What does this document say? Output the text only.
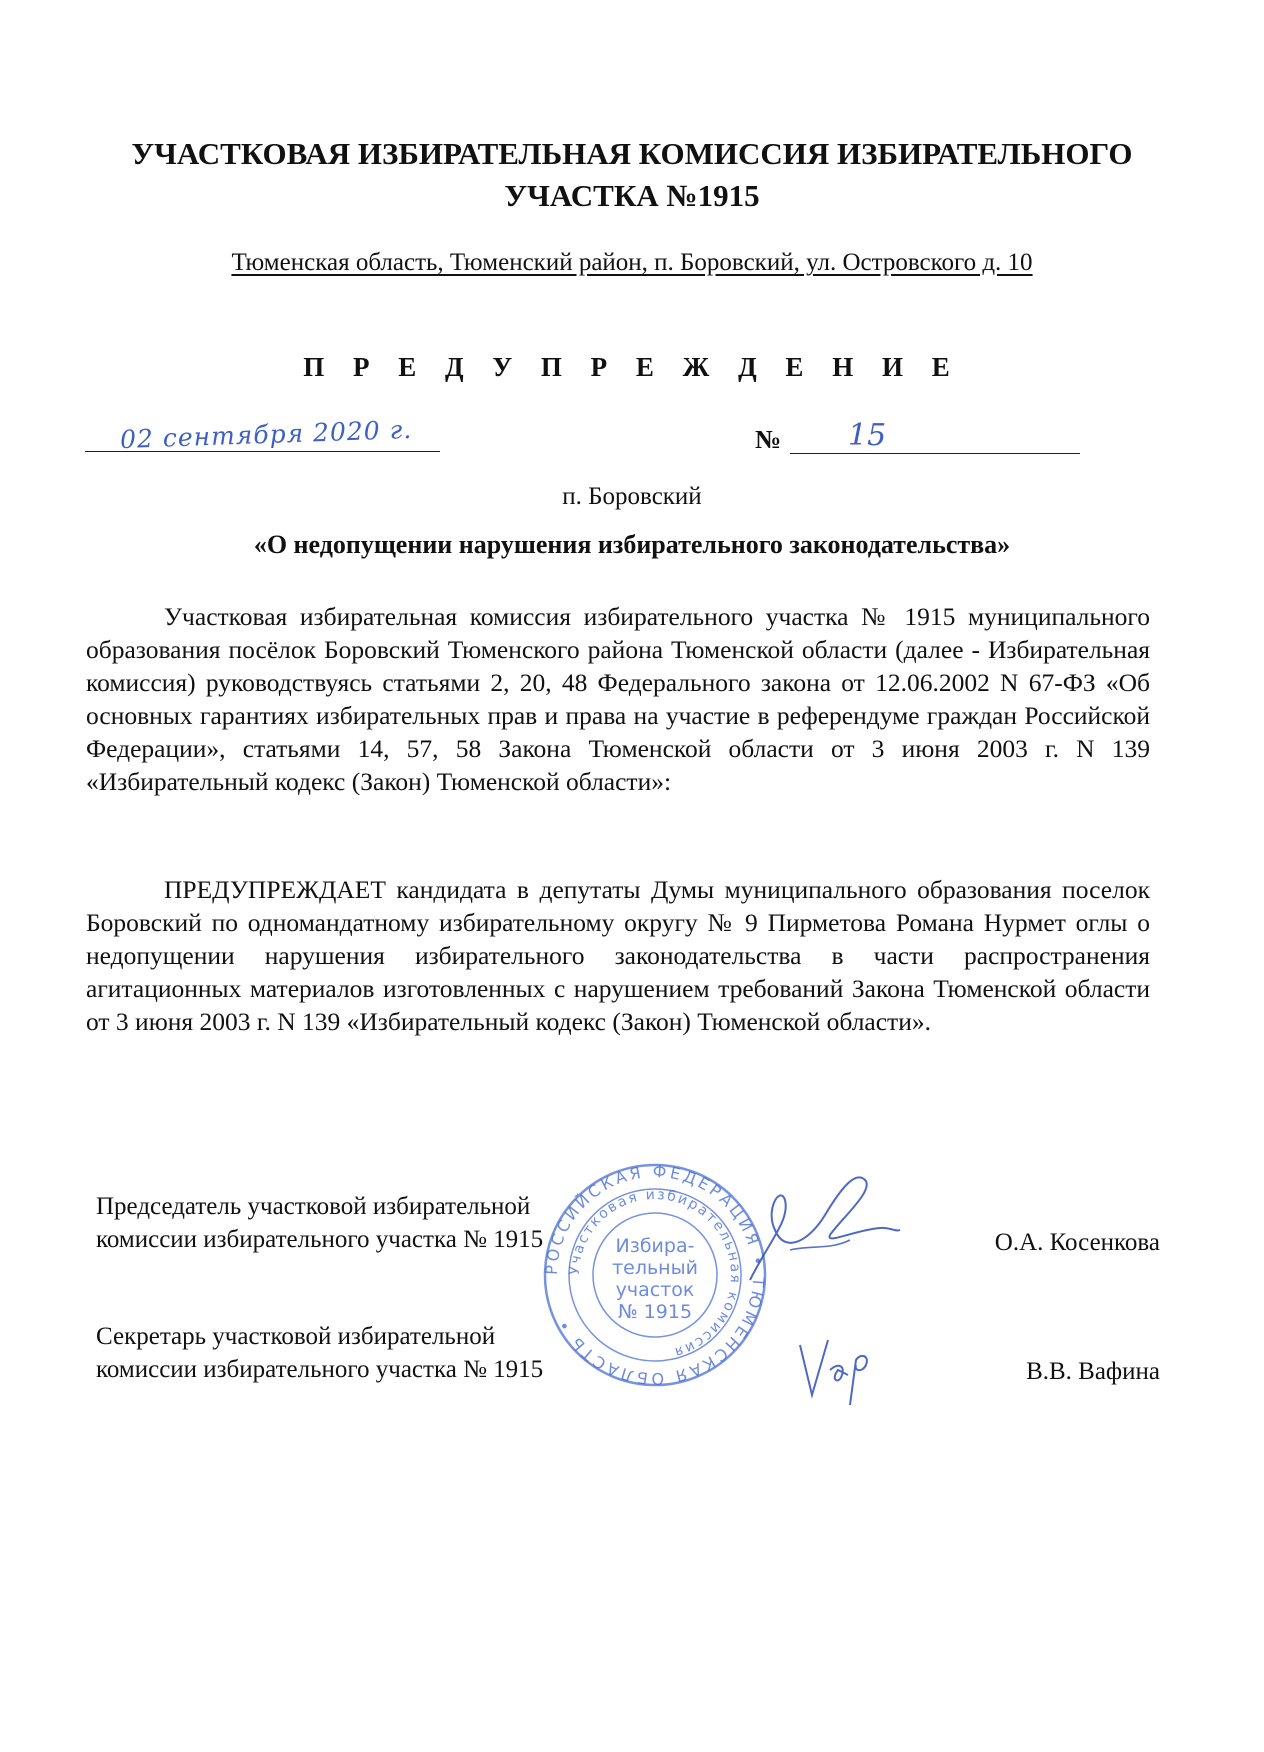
УЧАСТКОВАЯ ИЗБИРАТЕЛЬНАЯ КОМИССИЯ ИЗБИРАТЕЛЬНОГО
УЧАСТКА №1915
Тюменская область, Тюменский район, п. Боровский, ул. Островского д. 10
П Р Е Д У П Р Е Ж Д Е Н И Е
02 сентября 2020 г.	№ 15
п. Боровский
«О недопущении нарушения избирательного законодательства»
Участковая избирательная комиссия избирательного участка № 1915 муниципального образования посёлок Боровский Тюменского района Тюменской области (далее - Избирательная комиссия) руководствуясь статьями 2, 20, 48 Федерального закона от 12.06.2002 N 67-ФЗ «Об основных гарантиях избирательных прав и права на участие в референдуме граждан Российской Федерации», статьями 14, 57, 58 Закона Тюменской области от 3 июня 2003 г. N 139 «Избирательный кодекс (Закон) Тюменской области»:
ПРЕДУПРЕЖДАЕТ кандидата в депутаты Думы муниципального образования поселок Боровский по одномандатному избирательному округу № 9 Пирметова Романа Нурмет оглы о недопущении нарушения избирательного законодательства в части распространения агитационных материалов изготовленных с нарушением требований Закона Тюменской области от 3 июня 2003 г. N 139 «Избирательный кодекс (Закон) Тюменской области».
РОССИЙСКАЯ ФЕДЕРАЦИЯ • ТЮМЕНСКАЯ ОБЛАСТЬ •
Участковая избирательная комиссия
Избира-
тельный
участок
№ 1915
Председатель участковой избирательной
комиссии избирательного участка № 1915	О.А. Косенкова
Секретарь участковой избирательной
комиссии избирательного участка № 1915	В.В. Вафина
